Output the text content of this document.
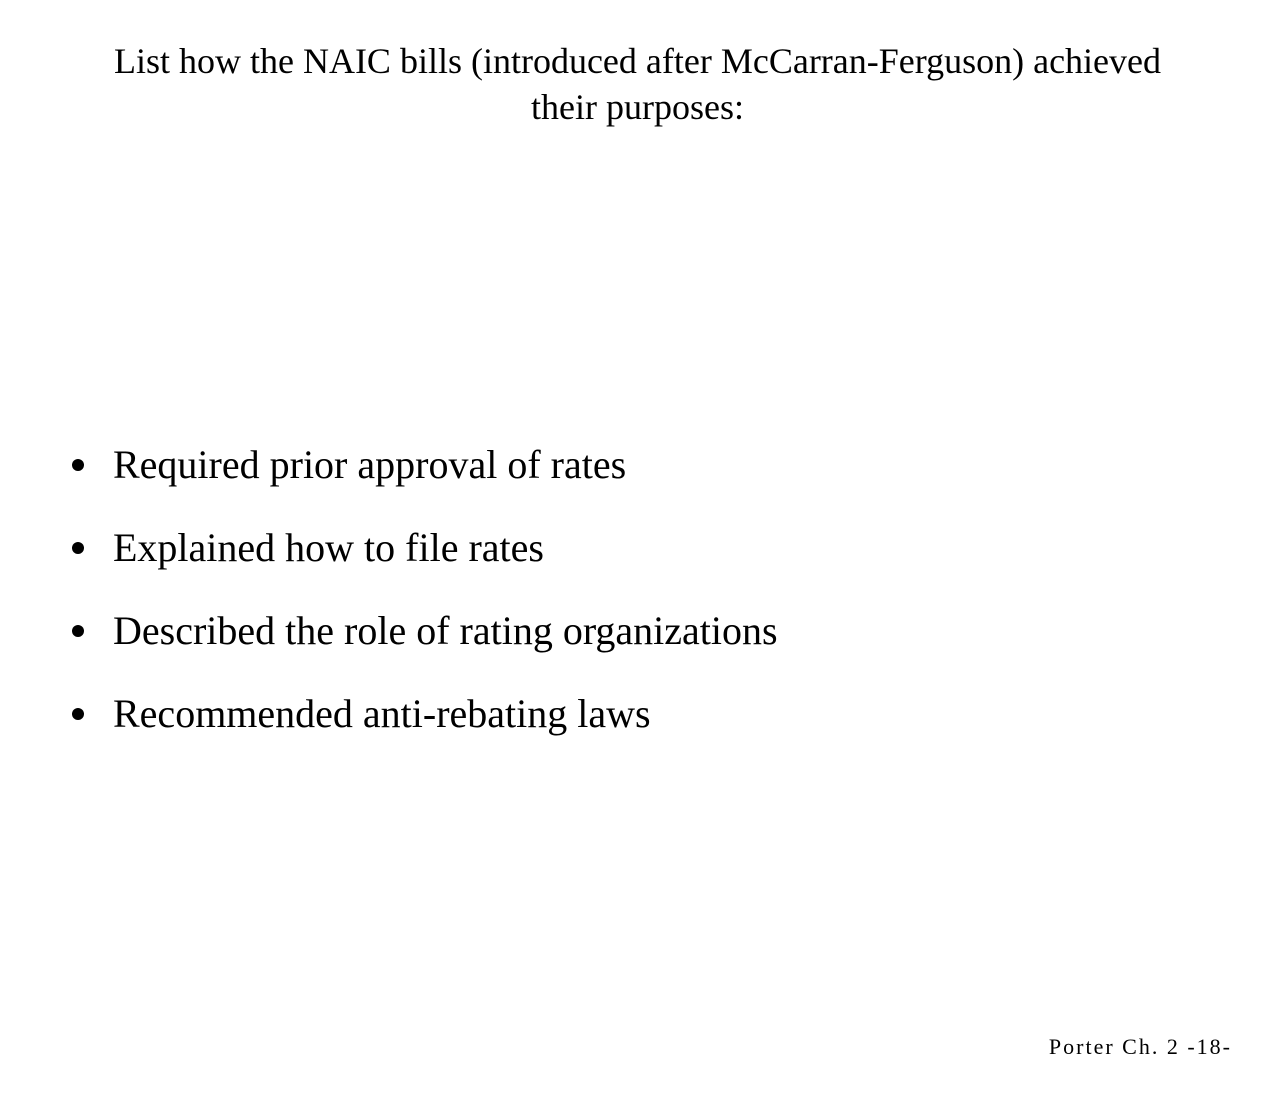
List how the NAIC bills (introduced after McCarran-Ferguson) achieved
their purposes:
Required prior approval of rates
Explained how to file rates
Described the role of rating organizations
Recommended anti-rebating laws
Porter Ch. 2 -18-
